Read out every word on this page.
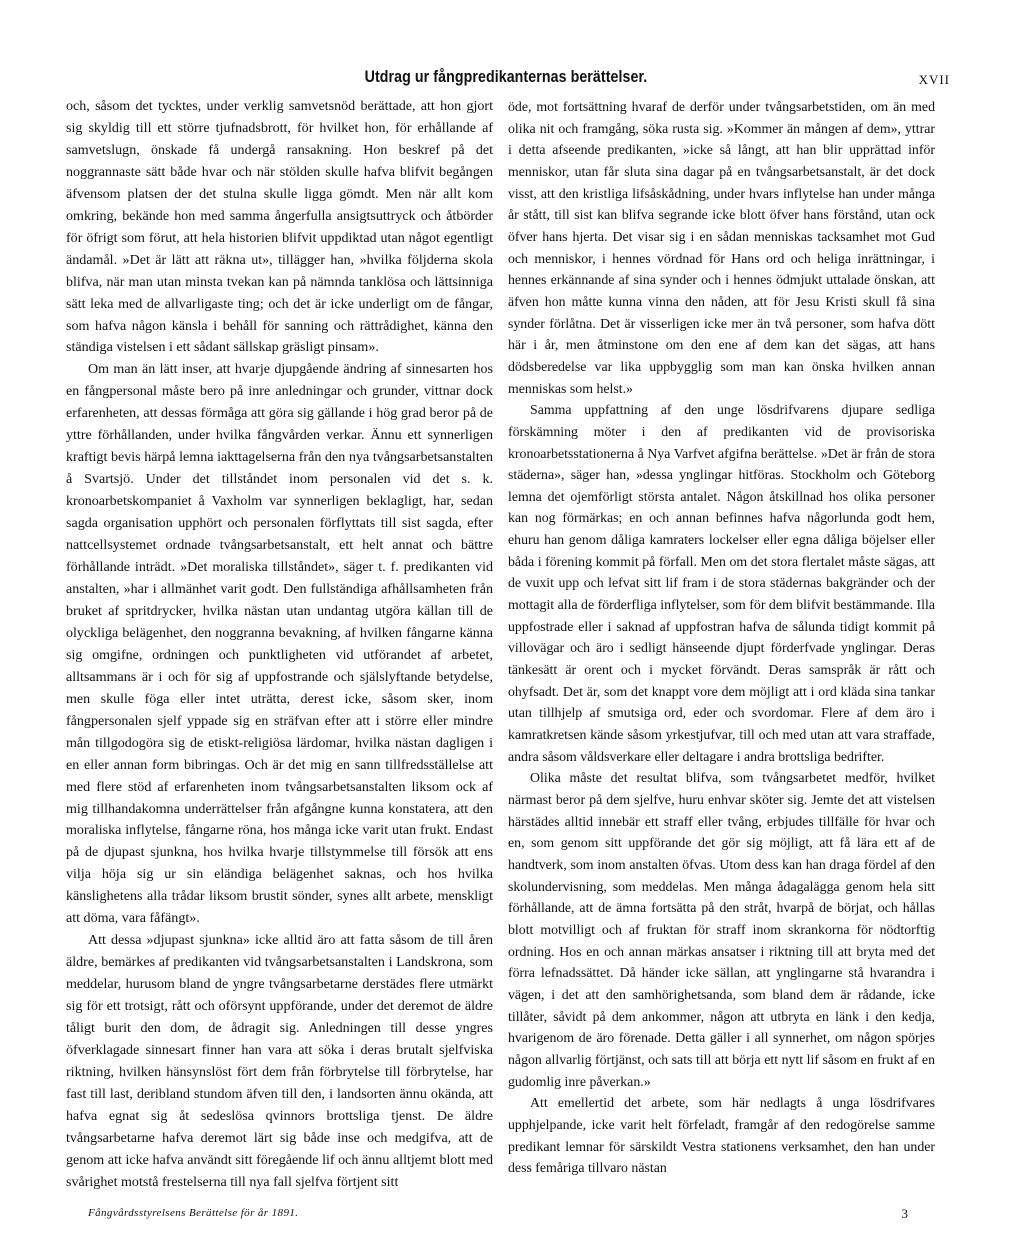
Utdrag ur fångpredikanternas berättelser.	XVII

och, såsom det tycktes, under verklig samvetsnöd berättade, att hon gjort sig skyldig till ett större tjufnadsbrott, för hvilket hon, för erhållande af samvetslugn, önskade få undergå ransakning. Hon beskref på det noggrannaste sätt både hvar och när stölden skulle hafva blifvit begången äfvensom platsen der det stulna skulle ligga gömdt. Men när allt kom omkring, bekände hon med samma ångerfulla ansigtsuttryck och åtbörder för öfrigt som förut, att hela historien blifvit uppdiktad utan något egentligt ändamål. »Det är lätt att räkna ut», tillägger han, »hvilka följderna skola blifva, när man utan minsta tvekan kan på nämnda tanklösa och lättsinniga sätt leka med de allvarligaste ting; och det är icke underligt om de fångar, som hafva någon känsla i behåll för sanning och rättrådighet, känna den ständiga vistelsen i ett sådant sällskap gräsligt pinsam».

Om man än lätt inser, att hvarje djupgående ändring af sinnesarten hos en fångpersonal måste bero på inre anledningar och grunder, vittnar dock erfarenheten, att dessas förmåga att göra sig gällande i hög grad beror på de yttre förhållanden, under hvilka fångvården verkar. Ännu ett synnerligen kraftigt bevis härpå lemna iakttagelserna från den nya tvångsarbetsanstalten å Svartsjö. Under det tillståndet inom personalen vid det s. k. kronoarbetskompaniet å Vaxholm var synnerligen beklagligt, har, sedan sagda organisation upphört och personalen förflyttats till sist sagda, efter nattcellsystemet ordnade tvångsarbetsanstalt, ett helt annat och bättre förhållande inträdt. »Det moraliska tillståndet», säger t. f. predikanten vid anstalten, »har i allmänhet varit godt. Den fullständiga afhållsamheten från bruket af spritdrycker, hvilka nästan utan undantag utgöra källan till de olyckliga belägenhet, den noggranna bevakning, af hvilken fångarne känna sig omgifne, ordningen och punktligheten vid utförandet af arbetet, alltsammans är i och för sig af uppfostrande och själslyftande betydelse, men skulle föga eller intet uträtta, derest icke, såsom sker, inom fångpersonalen sjelf yppade sig en sträfvan efter att i större eller mindre mån tillgodogöra sig de etiskt-religiösa lärdomar, hvilka nästan dagligen i en eller annan form bibringas. Och är det mig en sann tillfredsställelse att med flere stöd af erfarenheten inom tvångsarbetsanstalten liksom ock af mig tillhandakomna underrättelser från afgångne kunna konstatera, att den moraliska inflytelse, fångarne röna, hos många icke varit utan frukt. Endast på de djupast sjunkna, hos hvilka hvarje tillstymmelse till försök att ens vilja höja sig ur sin eländiga belägenhet saknas, och hos hvilka känslighetens alla trådar liksom brustit sönder, synes allt arbete, menskligt att döma, vara fåfängt».

Att dessa »djupast sjunkna» icke alltid äro att fatta såsom de till åren äldre, bemärkes af predikanten vid tvångsarbetsanstalten i Landskrona, som meddelar, hurusom bland de yngre tvångsarbetarne derstädes flere utmärkt sig för ett trotsigt, rått och oförsynt uppförande, under det deremot de äldre tåligt burit den dom, de ådragit sig. Anledningen till desse yngres öfverklagade sinnesart finner han vara att söka i deras brutalt sjelfviska riktning, hvilken hänsynslöst fört dem från förbrytelse till förbrytelse, har fast till last, deribland stundom äfven till den, i landsorten ännu okända, att hafva egnat sig åt sedeslösa qvinnors brottsliga tjenst. De äldre tvångsarbetarne hafva deremot lärt sig både inse och medgifva, att de genom att icke hafva användt sitt föregående lif och ännu alltjemt blott med svårighet motstå frestelserna till nya fall sjelfva förtjent sitt

öde, mot fortsättning hvaraf de derför under tvångsarbetstiden, om än med olika nit och framgång, söka rusta sig. »Kommer än mången af dem», yttrar i detta afseende predikanten, »icke så långt, att han blir upprättad inför menniskor, utan får sluta sina dagar på en tvångsarbetsanstalt, är det dock visst, att den kristliga lifsåskådning, under hvars inflytelse han under många år stått, till sist kan blifva segrande icke blott öfver hans förstånd, utan ock öfver hans hjerta. Det visar sig i en sådan menniskas tacksamhet mot Gud och menniskor, i hennes vördnad för Hans ord och heliga inrättningar, i hennes erkännande af sina synder och i hennes ödmjukt uttalade önskan, att äfven hon måtte kunna vinna den nåden, att för Jesu Kristi skull få sina synder förlåtna. Det är visserligen icke mer än två personer, som hafva dött här i år, men åtminstone om den ene af dem kan det sägas, att hans dödsberedelse var lika uppbygglig som man kan önska hvilken annan menniskas som helst.»

Samma uppfattning af den unge lösdrifvarens djupare sedliga förskämning möter i den af predikanten vid de provisoriska kronoarbetsstationerna å Nya Varfvet afgifna berättelse. »Det är från de stora städerna», säger han, »dessa ynglingar hitföras. Stockholm och Göteborg lemna det ojemförligt största antalet. Någon åtskillnad hos olika personer kan nog förmärkas; en och annan befinnes hafva någorlunda godt hem, ehuru han genom dåliga kamraters lockelser eller egna dåliga böjelser eller båda i förening kommit på förfall. Men om det stora flertalet måste sägas, att de vuxit upp och lefvat sitt lif fram i de stora städernas bakgränder och der mottagit alla de förderfliga inflytelser, som för dem blifvit bestämmande. Illa uppfostrade eller i saknad af uppfostran hafva de sålunda tidigt kommit på villovägar och äro i sedligt hänseende djupt förderfvade ynglingar. Deras tänkesätt är orent och i mycket förvändt. Deras samspråk är rått och ohyfsadt. Det är, som det knappt vore dem möjligt att i ord kläda sina tankar utan tillhjelp af smutsiga ord, eder och svordomar. Flere af dem äro i kamratkretsen kände såsom yrkestjufvar, till och med utan att vara straffade, andra såsom våldsverkare eller deltagare i andra brottsliga bedrifter.

Olika måste det resultat blifva, som tvångsarbetet medför, hvilket närmast beror på dem sjelfve, huru enhvar sköter sig. Jemte det att vistelsen härstädes alltid innebär ett straff eller tvång, erbjudes tillfälle för hvar och en, som genom sitt uppförande det gör sig möjligt, att få lära ett af de handtverk, som inom anstalten öfvas. Utom dess kan han draga fördel af den skolundervisning, som meddelas. Men många ådagalägga genom hela sitt förhållande, att de ämna fortsätta på den stråt, hvarpå de börjat, och hållas blott motvilligt och af fruktan för straff inom skrankorna för nödtorftig ordning. Hos en och annan märkas ansatser i riktning till att bryta med det förra lefnadssättet. Då händer icke sällan, att ynglingarne stå hvarandra i vägen, i det att den samhörighetsanda, som bland dem är rådande, icke tillåter, såvidt på dem ankommer, någon att utbryta en länk i den kedja, hvarigenom de äro förenade. Detta gäller i all synnerhet, om någon spörjes någon allvarlig förtjänst, och sats till att börja ett nytt lif såsom en frukt af en gudomlig inre påverkan.»

Att emellertid det arbete, som här nedlagts å unga lösdrifvares upphjelpande, icke varit helt förfeladt, framgår af den redogörelse samme predikant lemnar för särskildt Vestra stationens verksamhet, den han under dess femåriga tillvaro nästan

Fångvårdsstyrelsens Berättelse för år 1891.	3
